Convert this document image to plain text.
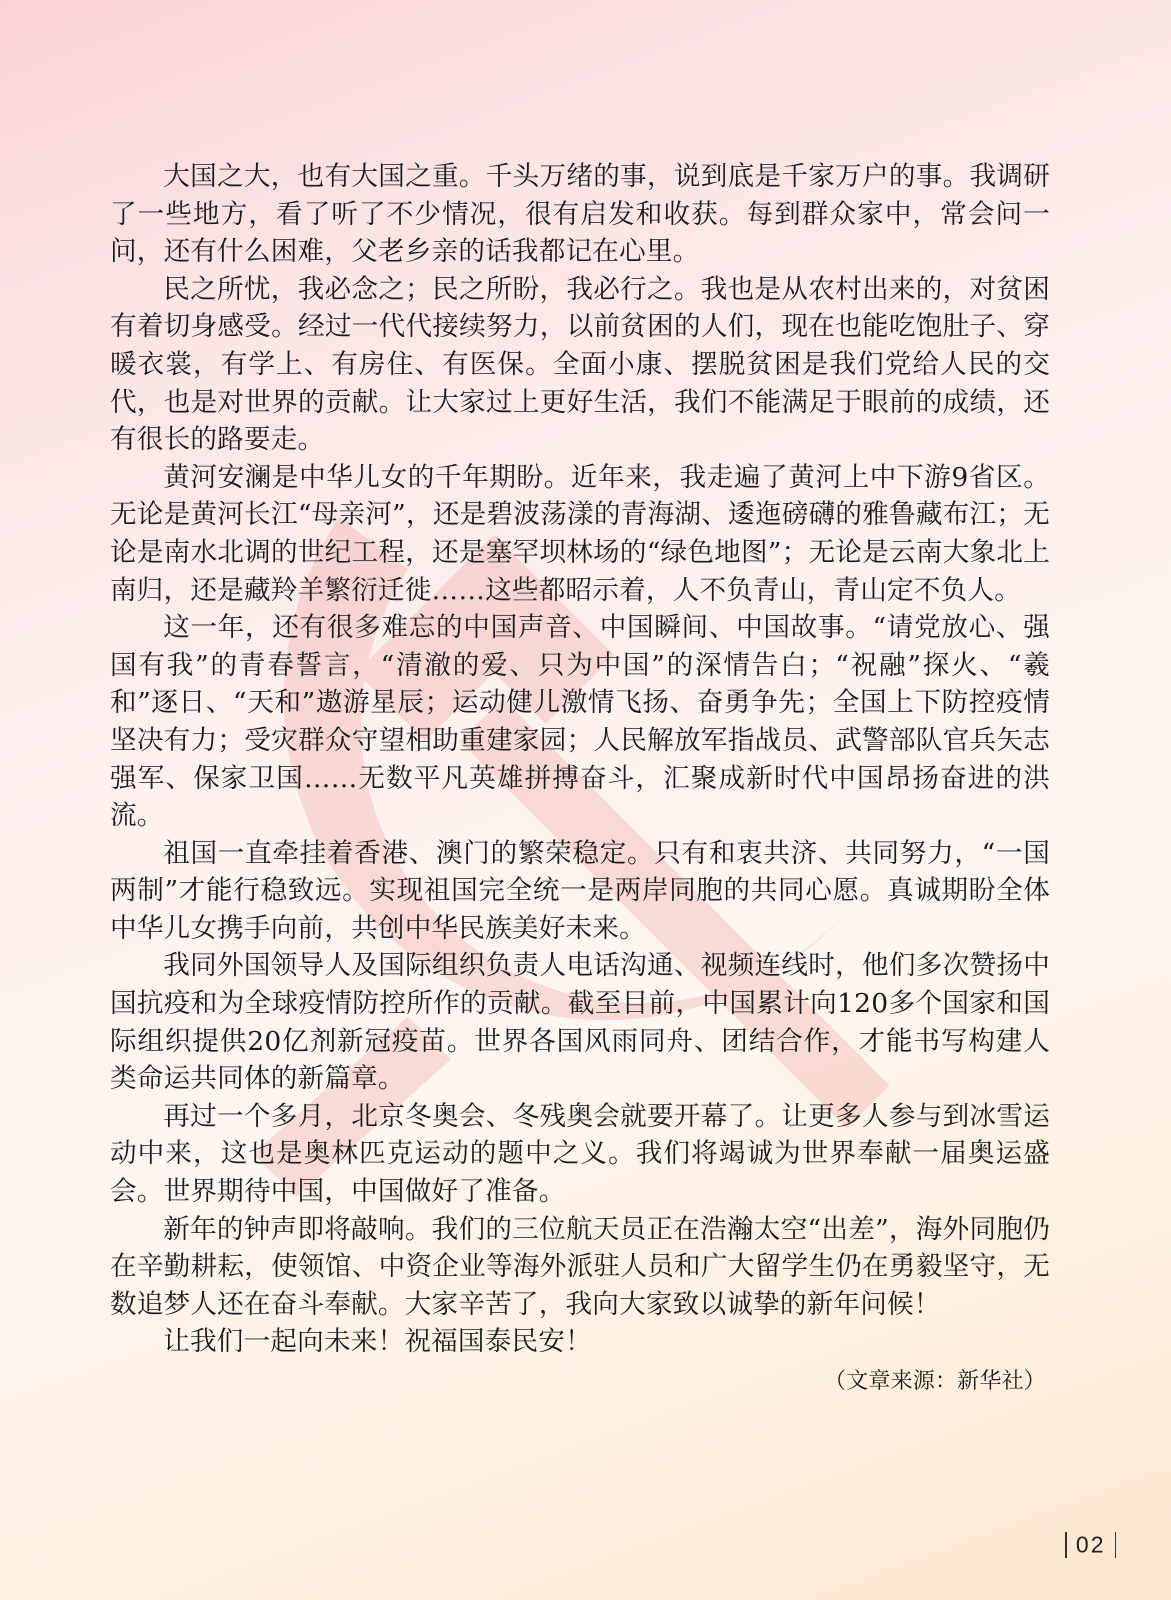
大国之大，也有大国之重。千头万绪的事，说到底是千家万户的事。我调研了一些地方，看了听了不少情况，很有启发和收获。每到群众家中，常会问一问，还有什么困难，父老乡亲的话我都记在心里。

民之所忧，我必念之；民之所盼，我必行之。我也是从农村出来的，对贫困有着切身感受。经过一代代接续努力，以前贫困的人们，现在也能吃饱肚子、穿暖衣裳，有学上、有房住、有医保。全面小康、摆脱贫困是我们党给人民的交代，也是对世界的贡献。让大家过上更好生活，我们不能满足于眼前的成绩，还有很长的路要走。

黄河安澜是中华儿女的千年期盼。近年来，我走遍了黄河上中下游9省区。无论是黄河长江“母亲河”，还是碧波荡漾的青海湖、逶迤磅礴的雅鲁藏布江；无论是南水北调的世纪工程，还是塞罕坝林场的“绿色地图”；无论是云南大象北上南归，还是藏羚羊繁衍迁徙……这些都昭示着，人不负青山，青山定不负人。

这一年，还有很多难忘的中国声音、中国瞬间、中国故事。“请党放心、强国有我”的青春誓言，“清澈的爱、只为中国”的深情告白；“祝融”探火、“羲和”逐日、“天和”遨游星辰；运动健儿激情飞扬、奋勇争先；全国上下防控疫情坚决有力；受灾群众守望相助重建家园；人民解放军指战员、武警部队官兵矢志强军、保家卫国……无数平凡英雄拼搏奋斗，汇聚成新时代中国昂扬奋进的洪流。

祖国一直牵挂着香港、澳门的繁荣稳定。只有和衷共济、共同努力，“一国两制”才能行稳致远。实现祖国完全统一是两岸同胞的共同心愿。真诚期盼全体中华儿女携手向前，共创中华民族美好未来。

我同外国领导人及国际组织负责人电话沟通、视频连线时，他们多次赞扬中国抗疫和为全球疫情防控所作的贡献。截至目前，中国累计向120多个国家和国际组织提供20亿剂新冠疫苗。世界各国风雨同舟、团结合作，才能书写构建人类命运共同体的新篇章。

再过一个多月，北京冬奥会、冬残奥会就要开幕了。让更多人参与到冰雪运动中来，这也是奥林匹克运动的题中之义。我们将竭诚为世界奉献一届奥运盛会。世界期待中国，中国做好了准备。

新年的钟声即将敲响。我们的三位航天员正在浩瀚太空“出差”，海外同胞仍在辛勤耕耘，使领馆、中资企业等海外派驻人员和广大留学生仍在勇毅坚守，无数追梦人还在奋斗奉献。大家辛苦了，我向大家致以诚挚的新年问候！

让我们一起向未来！祝福国泰民安！

（文章来源：新华社）

02
